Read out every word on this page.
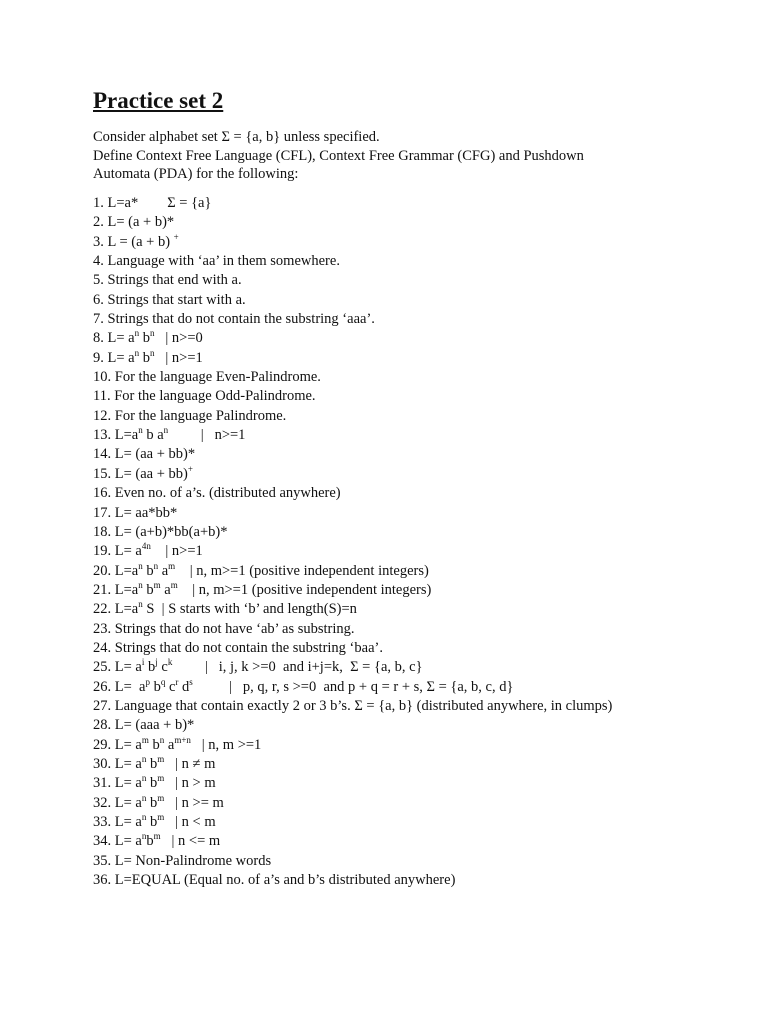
Practice set 2

Consider alphabet set Σ = {a, b} unless specified.

Define Context Free Language (CFL), Context Free Grammar (CFG) and Pushdown

Automata (PDA) for the following:

1. L=a*        Σ = {a}
2. L= (a + b)*
3. L = (a + b) +
4. Language with ‘aa’ in them somewhere.
5. Strings that end with a.
6. Strings that start with a.
7. Strings that do not contain the substring ‘aaa’.
8. $L= a^n$ $b^n$   | n>=0
9. $L= a^n$ $b^n$   | n>=1
10. For the language Even-Palindrome.
11. For the language Odd-Palindrome.
12. For the language Palindrome.
13. $L=a^n$ b $a^n$         |   n>=1
14. L= (aa + bb)*
15. L= (aa + bb)+
16. Even no. of a’s. (distributed anywhere)
17. L= aa*bb*
18. L= (a+b)*bb(a+b)*
19. $L= a^{4n}$    | n>=1
20. $L=a^n$ $b^n$ $a^m$    | n, m>=1 (positive independent integers)
21. $L=a^n$ $b^m$ $a^m$    | n, m>=1 (positive independent integers)
22. $L=a^n$ S  | S starts with ‘b’ and length(S)=n
23. Strings that do not have ‘ab’ as substring.
24. Strings that do not contain the substring ‘baa’.
25. $L= a^i$ $b^j$ $c^k$         |   i, j, k >=0  and i+j=k,  Σ = {a, b, c}
26. $L= a^p$ $b^q$ $c^r$ $d^s$          |   p, q, r, s >=0  and p + q = r + s, Σ = {a, b, c, d}
27. Language that contain exactly 2 or 3 b’s. Σ = {a, b} (distributed anywhere, in clumps)
28. L= (aaa + b)*
29. $L= a^m$ $b^n$ $a^{m+n}$   | n, m >=1
30. $L= a^n$ $b^m$   | n ≠ m
31. $L= a^n$ $b^m$   | n > m
32. $L= a^n$ $b^m$   | n >= m
33. $L= a^n$ $b^m$   | n < m
34. $L= a^nb^m$   | n <= m
35. L= Non-Palindrome words
36. L=EQUAL (Equal no. of a’s and b’s distributed anywhere)
